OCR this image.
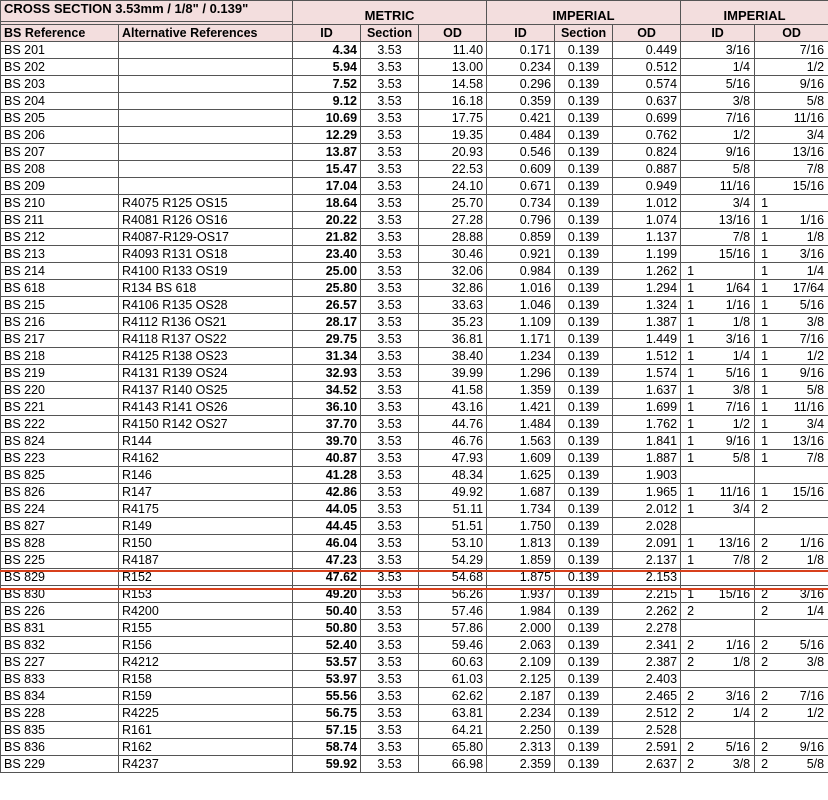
CROSS SECTION 3.53mm / 1/8" / 0.139"		METRIC			IMPERIAL			IMPERIAL	

BS Reference	Alternative References	ID	Section	OD	ID	Section	OD	ID	OD
BS 201		4.34	3.53	11.40	0.171	0.139	0.449	3/16	7/16

BS 202		5.94	3.53	13.00	0.234	0.139	0.512	1/4	1/2

BS 203		7.52	3.53	14.58	0.296	0.139	0.574	5/16	9/16

BS 204		9.12	3.53	16.18	0.359	0.139	0.637	3/8	5/8

BS 205		10.69	3.53	17.75	0.421	0.139	0.699	7/16	11/16

BS 206		12.29	3.53	19.35	0.484	0.139	0.762	1/2	3/4

BS 207		13.87	3.53	20.93	0.546	0.139	0.824	9/16	13/16

BS 208		15.47	3.53	22.53	0.609	0.139	0.887	5/8	7/8

BS 209		17.04	3.53	24.10	0.671	0.139	0.949	11/16	15/16

BS 210	R4075 R125 OS15	18.64	3.53	25.70	0.734	0.139	1.012	3/4	1

BS 211	R4081 R126 OS16	20.22	3.53	27.28	0.796	0.139	1.074	13/16	1 1/16

BS 212	R4087-R129-OS17	21.82	3.53	28.88	0.859	0.139	1.137	7/8	1 1/8

BS 213	R4093 R131 OS18	23.40	3.53	30.46	0.921	0.139	1.199	15/16	1 3/16

BS 214	R4100 R133 OS19	25.00	3.53	32.06	0.984	0.139	1.262	1	1 1/4

BS 618	R134 BS 618	25.80	3.53	32.86	1.016	0.139	1.294	1 1/64	1 17/64

BS 215	R4106 R135 OS28	26.57	3.53	33.63	1.046	0.139	1.324	1 1/16	1 5/16

BS 216	R4112 R136 OS21	28.17	3.53	35.23	1.109	0.139	1.387	1 1/8	1 3/8

BS 217	R4118 R137 OS22	29.75	3.53	36.81	1.171	0.139	1.449	1 3/16	1 7/16

BS 218	R4125 R138 OS23	31.34	3.53	38.40	1.234	0.139	1.512	1 1/4	1 1/2

BS 219	R4131 R139 OS24	32.93	3.53	39.99	1.296	0.139	1.574	1 5/16	1 9/16

BS 220	R4137 R140 OS25	34.52	3.53	41.58	1.359	0.139	1.637	1 3/8	1 5/8

BS 221	R4143 R141 OS26	36.10	3.53	43.16	1.421	0.139	1.699	1 7/16	1 11/16

BS 222	R4150 R142 OS27	37.70	3.53	44.76	1.484	0.139	1.762	1 1/2	1 3/4

BS 824	R144	39.70	3.53	46.76	1.563	0.139	1.841	1 9/16	1 13/16

BS 223	R4162	40.87	3.53	47.93	1.609	0.139	1.887	1 5/8	1 7/8

BS 825	R146	41.28	3.53	48.34	1.625	0.139	1.903	

BS 826	R147	42.86	3.53	49.92	1.687	0.139	1.965	1 11/16	1 15/16

BS 224	R4175	44.05	3.53	51.11	1.734	0.139	2.012	1 3/4	2

BS 827	R149	44.45	3.53	51.51	1.750	0.139	2.028	

BS 828	R150	46.04	3.53	53.10	1.813	0.139	2.091	1 13/16	2 1/16

BS 225	R4187	47.23	3.53	54.29	1.859	0.139	2.137	1 7/8	2 1/8

BS 829	R152	47.62	3.53	54.68	1.875	0.139	2.153	

BS 830	R153	49.20	3.53	56.26	1.937	0.139	2.215	1 15/16	2 3/16

BS 226	R4200	50.40	3.53	57.46	1.984	0.139	2.262	2	2 1/4

BS 831	R155	50.80	3.53	57.86	2.000	0.139	2.278	

BS 832	R156	52.40	3.53	59.46	2.063	0.139	2.341	2 1/16	2 5/16

BS 227	R4212	53.57	3.53	60.63	2.109	0.139	2.387	2 1/8	2 3/8

BS 833	R158	53.97	3.53	61.03	2.125	0.139	2.403	

BS 834	R159	55.56	3.53	62.62	2.187	0.139	2.465	2 3/16	2 7/16

BS 228	R4225	56.75	3.53	63.81	2.234	0.139	2.512	2 1/4	2 1/2

BS 835	R161	57.15	3.53	64.21	2.250	0.139	2.528	

BS 836	R162	58.74	3.53	65.80	2.313	0.139	2.591	2 5/16	2 9/16

BS 229	R4237	59.92	3.53	66.98	2.359	0.139	2.637	2 3/8	2 5/8
